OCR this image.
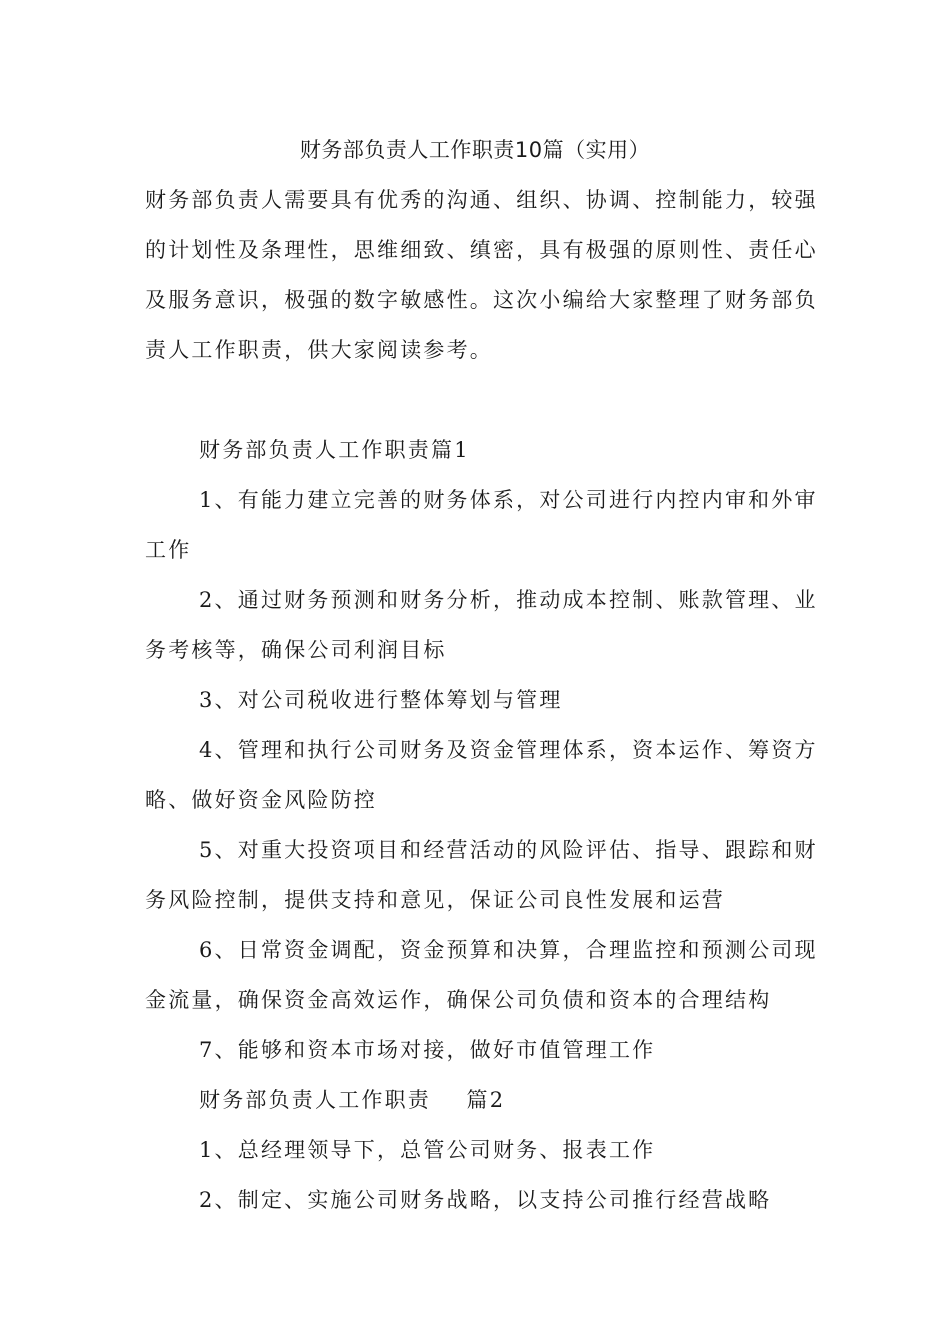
财务部负责人工作职责10篇（实用）
财务部负责人需要具有优秀的沟通、组织、协调、控制能力，较强
的计划性及条理性，思维细致、缜密，具有极强的原则性、责任心
及服务意识，极强的数字敏感性。这次小编给大家整理了财务部负
责人工作职责，供大家阅读参考。
财务部负责人工作职责篇1
1、有能力建立完善的财务体系，对公司进行内控内审和外审
工作
2、通过财务预测和财务分析，推动成本控制、账款管理、业
务考核等，确保公司利润目标
3、对公司税收进行整体筹划与管理
4、管理和执行公司财务及资金管理体系，资本运作、筹资方
略、做好资金风险防控
5、对重大投资项目和经营活动的风险评估、指导、跟踪和财
务风险控制，提供支持和意见，保证公司良性发展和运营
6、日常资金调配，资金预算和决算，合理监控和预测公司现
金流量，确保资金高效运作，确保公司负债和资本的合理结构
7、能够和资本市场对接，做好市值管理工作
财务部负责人工作职责    篇2
1、总经理领导下，总管公司财务、报表工作
2、制定、实施公司财务战略，以支持公司推行经营战略
